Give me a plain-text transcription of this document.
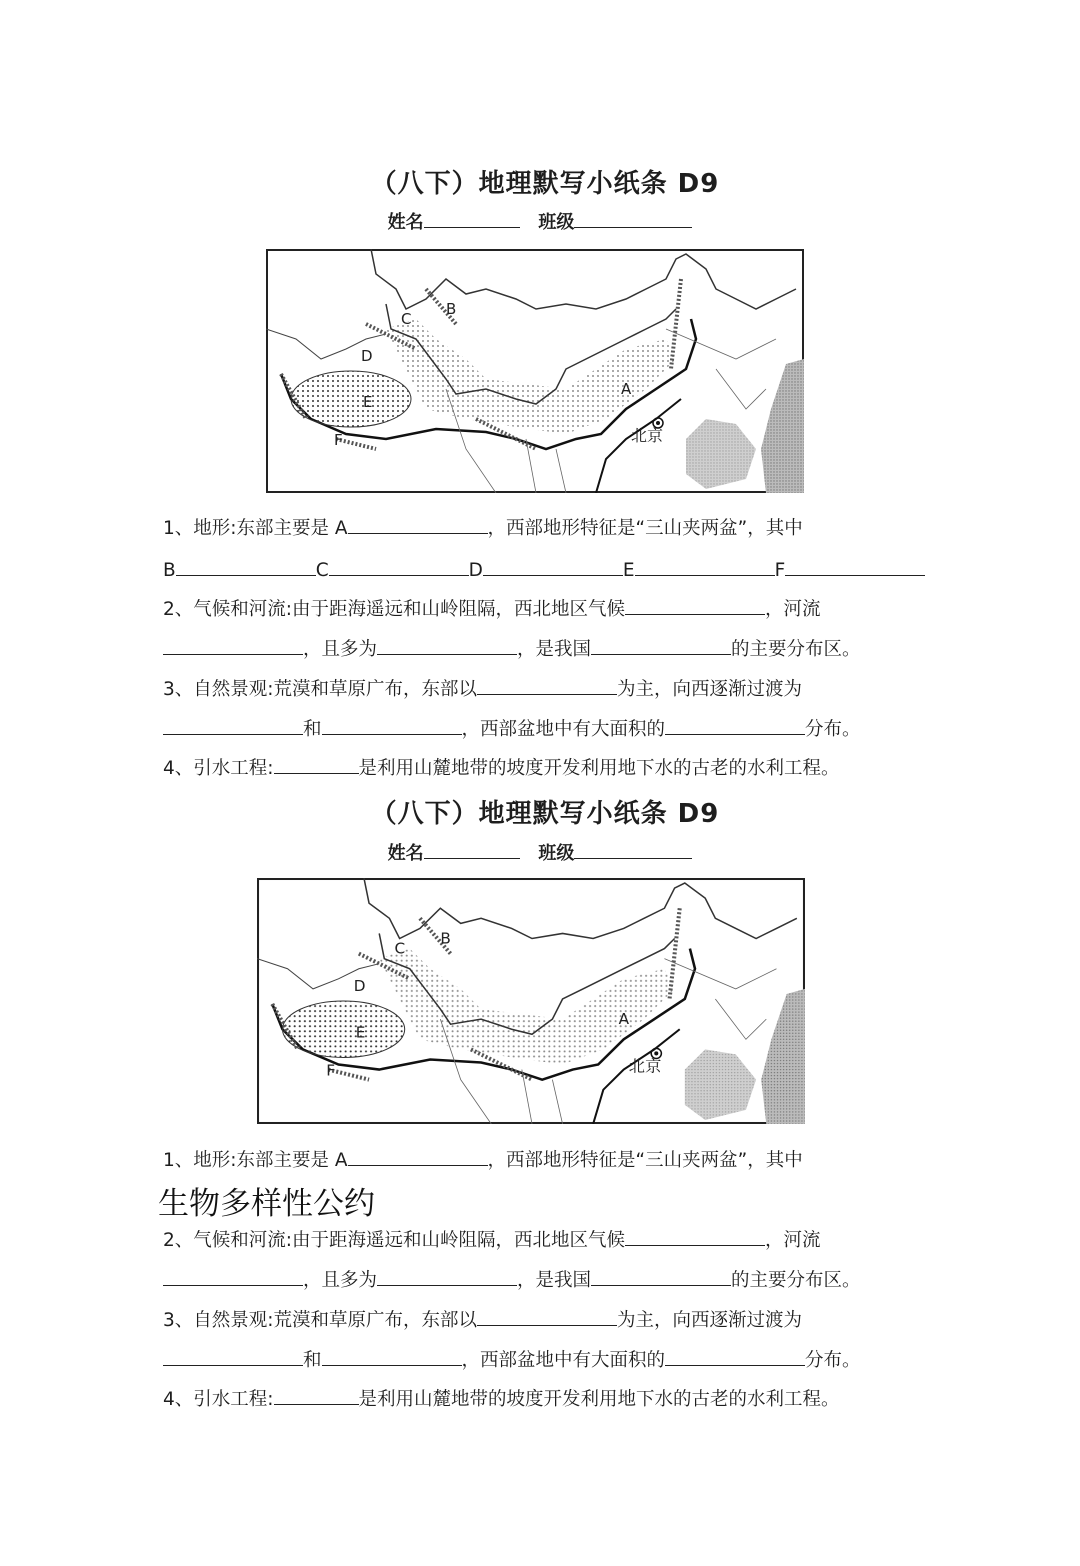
（八下）地理默写小纸条 D9
姓名	班级
A
B
C
D
E
F	北京
1、地形:东部主要是 A	，西部地形特征是“三山夹两盆”，其中
B	C	D	E	F
2、气候和河流:由于距海遥远和山岭阻隔，西北地区气候	，河流
，且多为	，是我国	的主要分布区。
3、自然景观:荒漠和草原广布，东部以	为主，向西逐渐过渡为
和	，西部盆地中有大面积的	分布。
4、引水工程:	是利用山麓地带的坡度开发利用地下水的古老的水利工程。
（八下）地理默写小纸条 D9
姓名	班级
A
B
C
D
E
F	北京
1、地形:东部主要是 A	，西部地形特征是“三山夹两盆”，其中
2、气候和河流:由于距海遥远和山岭阻隔，西北地区气候	，河流
，且多为	，是我国	的主要分布区。
3、自然景观:荒漠和草原广布，东部以	为主，向西逐渐过渡为
和	，西部盆地中有大面积的	分布。
4、引水工程:	是利用山麓地带的坡度开发利用地下水的古老的水利工程。
生物多样性公约
